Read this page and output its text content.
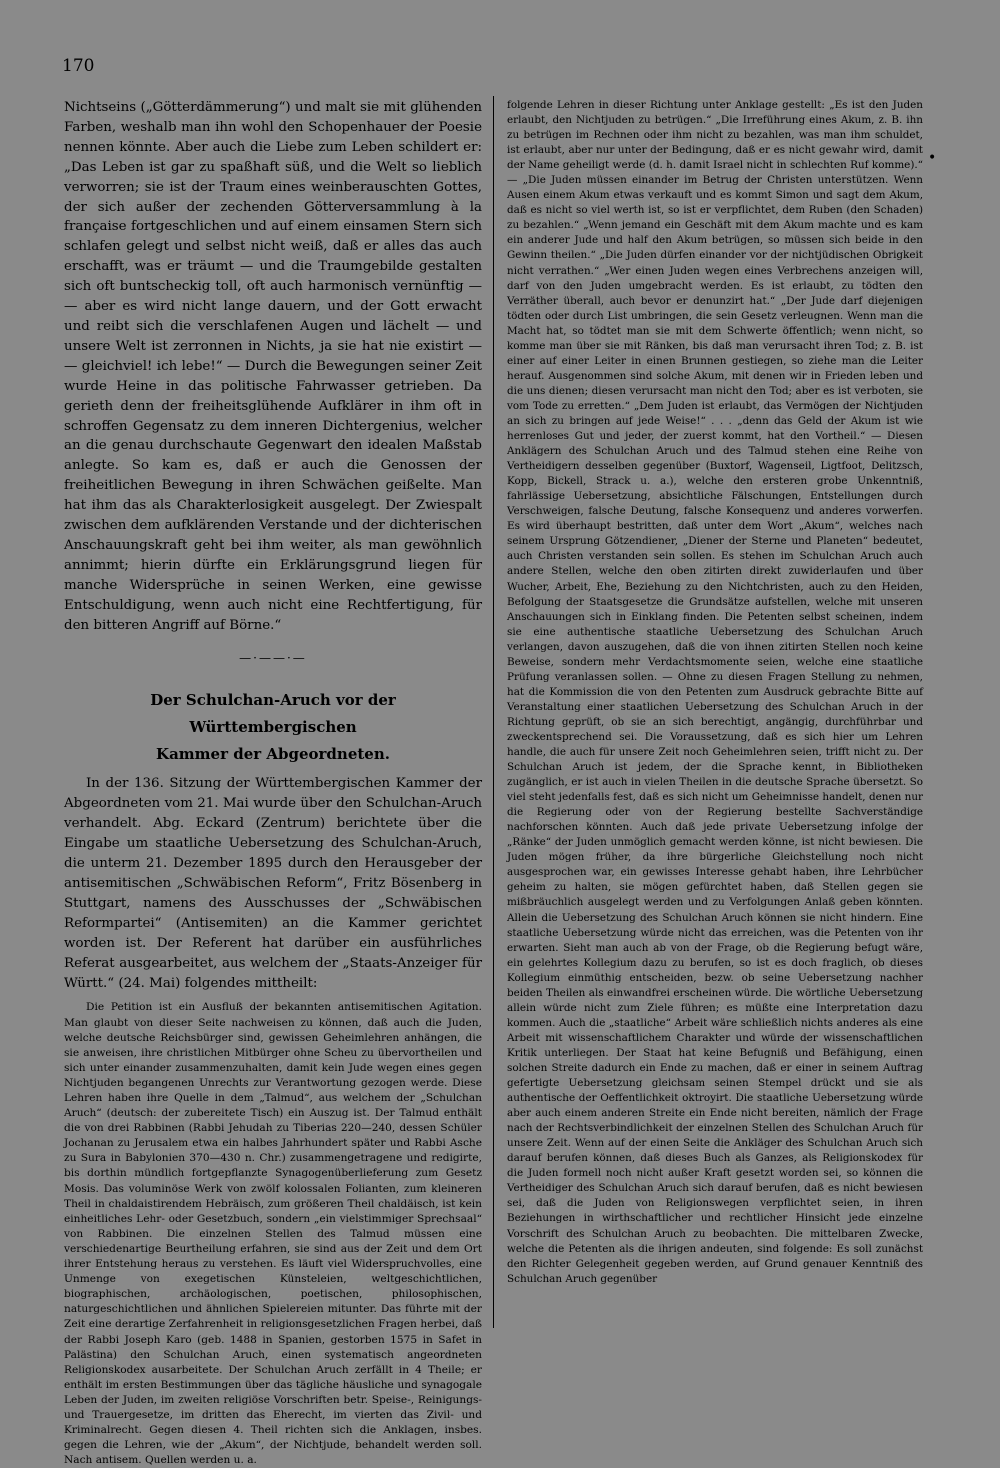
170
•

Nichtseins („Götterdämmerung“) und malt sie mit glühenden Farben, weshalb man ihn wohl den Schopenhauer der Poesie nennen könnte. Aber auch die Liebe zum Leben schildert er: „Das Leben ist gar zu spaßhaft süß, und die Welt so lieblich verworren; sie ist der Traum eines weinberauschten Gottes, der sich außer der zechenden Götterversammlung à la française fortgeschlichen und auf einem einsamen Stern sich schlafen gelegt und selbst nicht weiß, daß er alles das auch erschafft, was er träumt — und die Traumgebilde gestalten sich oft buntscheckig toll, oft auch harmonisch vernünftig — — aber es wird nicht lange dauern, und der Gott erwacht und reibt sich die verschlafenen Augen und lächelt — und unsere Welt ist zerronnen in Nichts, ja sie hat nie existirt — — gleichviel! ich lebe!“ — Durch die Bewegungen seiner Zeit wurde Heine in das politische Fahrwasser getrieben. Da gerieth denn der freiheitsglühende Aufklärer in ihm oft in schroffen Gegensatz zu dem inneren Dichtergenius, welcher an die genau durchschaute Gegenwart den idealen Maßstab anlegte. So kam es, daß er auch die Genossen der freiheitlichen Bewegung in ihren Schwächen geißelte. Man hat ihm das als Charakterlosigkeit ausgelegt. Der Zwiespalt zwischen dem aufklärenden Verstande und der dichterischen Anschauungskraft geht bei ihm weiter, als man gewöhnlich annimmt; hierin dürfte ein Erklärungsgrund liegen für manche Widersprüche in seinen Werken, eine gewisse Entschuldigung, wenn auch nicht eine Rechtfertigung, für den bitteren Angriff auf Börne.“

—·——·—
Der Schulchan-Aruch vor der Württembergischen
Kammer der Abgeordneten.

In der 136. Sitzung der Württembergischen Kammer der Abgeordneten vom 21. Mai wurde über den Schulchan-Aruch verhandelt. Abg. Eckard (Zentrum) berichtete über die Eingabe um staatliche Uebersetzung des Schulchan-Aruch, die unterm 21. Dezember 1895 durch den Herausgeber der antisemitischen „Schwäbischen Reform“, Fritz Bösenberg in Stuttgart, namens des Ausschusses der „Schwäbischen Reformpartei“ (Antisemiten) an die Kammer gerichtet worden ist. Der Referent hat darüber ein ausführliches Referat ausgearbeitet, aus welchem der „Staats-Anzeiger für Württ.“ (24. Mai) folgendes mittheilt:

Die Petition ist ein Ausfluß der bekannten antisemitischen Agitation. Man glaubt von dieser Seite nachweisen zu können, daß auch die Juden, welche deutsche Reichsbürger sind, gewissen Geheimlehren anhängen, die sie anweisen, ihre christlichen Mitbürger ohne Scheu zu übervortheilen und sich unter einander zusammenzuhalten, damit kein Jude wegen eines gegen Nichtjuden begangenen Unrechts zur Verantwortung gezogen werde. Diese Lehren haben ihre Quelle in dem „Talmud“, aus welchem der „Schulchan Aruch“ (deutsch: der zubereitete Tisch) ein Auszug ist. Der Talmud enthält die von drei Rabbinen (Rabbi Jehudah zu Tiberias 220—240, dessen Schüler Jochanan zu Jerusalem etwa ein halbes Jahrhundert später und Rabbi Asche zu Sura in Babylonien 370—430 n. Chr.) zusammengetragene und redigirte, bis dorthin mündlich fortgepflanzte Synagogenüberlieferung zum Gesetz Mosis. Das voluminöse Werk von zwölf kolossalen Folianten, zum kleineren Theil in chaldaistirendem Hebräisch, zum größeren Theil chaldäisch, ist kein einheitliches Lehr- oder Gesetzbuch, sondern „ein vielstimmiger Sprechsaal“ von Rabbinen. Die einzelnen Stellen des Talmud müssen eine verschiedenartige Beurtheilung erfahren, sie sind aus der Zeit und dem Ort ihrer Entstehung heraus zu verstehen. Es läuft viel Widerspruchvolles, eine Unmenge von exegetischen Künsteleien, weltgeschichtlichen, biographischen, archäologischen, poetischen, philosophischen, naturgeschichtlichen und ähnlichen Spielereien mitunter. Das führte mit der Zeit eine derartige Zerfahrenheit in religionsgesetzlichen Fragen herbei, daß der Rabbi Joseph Karo (geb. 1488 in Spanien, gestorben 1575 in Safet in Palästina) den Schulchan Aruch, einen systematisch angeordneten Religionskodex ausarbeitete. Der Schulchan Aruch zerfällt in 4 Theile; er enthält im ersten Bestimmungen über das tägliche häusliche und synagogale Leben der Juden, im zweiten religiöse Vorschriften betr. Speise-, Reinigungs- und Trauergesetze, im dritten das Eherecht, im vierten das Zivil- und Kriminalrecht. Gegen diesen 4. Theil richten sich die Anklagen, insbes. gegen die Lehren, wie der „Akum“, der Nichtjude, behandelt werden soll. Nach antisem. Quellen werden u. a.

folgende Lehren in dieser Richtung unter Anklage gestellt: „Es ist den Juden erlaubt, den Nichtjuden zu betrügen.“ „Die Irreführung eines Akum, z. B. ihn zu betrügen im Rechnen oder ihm nicht zu bezahlen, was man ihm schuldet, ist erlaubt, aber nur unter der Bedingung, daß er es nicht gewahr wird, damit der Name geheiligt werde (d. h. damit Israel nicht in schlechten Ruf komme).“ — „Die Juden müssen einander im Betrug der Christen unterstützen. Wenn Ausen einem Akum etwas verkauft und es kommt Simon und sagt dem Akum, daß es nicht so viel werth ist, so ist er verpflichtet, dem Ruben (den Schaden) zu bezahlen.“ „Wenn jemand ein Geschäft mit dem Akum machte und es kam ein anderer Jude und half den Akum betrügen, so müssen sich beide in den Gewinn theilen.“ „Die Juden dürfen einander vor der nichtjüdischen Obrigkeit nicht verrathen.“ „Wer einen Juden wegen eines Verbrechens anzeigen will, darf von den Juden umgebracht werden. Es ist erlaubt, zu tödten den Verräther überall, auch bevor er denunzirt hat.“ „Der Jude darf diejenigen tödten oder durch List umbringen, die sein Gesetz verleugnen. Wenn man die Macht hat, so tödtet man sie mit dem Schwerte öffentlich; wenn nicht, so komme man über sie mit Ränken, bis daß man verursacht ihren Tod; z. B. ist einer auf einer Leiter in einen Brunnen gestiegen, so ziehe man die Leiter herauf. Ausgenommen sind solche Akum, mit denen wir in Frieden leben und die uns dienen; diesen verursacht man nicht den Tod; aber es ist verboten, sie vom Tode zu erretten.“ „Dem Juden ist erlaubt, das Vermögen der Nichtjuden an sich zu bringen auf jede Weise!“ . . . „denn das Geld der Akum ist wie herrenloses Gut und jeder, der zuerst kommt, hat den Vortheil.“ — Diesen Anklägern des Schulchan Aruch und des Talmud stehen eine Reihe von Vertheidigern desselben gegenüber (Buxtorf, Wagenseil, Ligtfoot, Delitzsch, Kopp, Bickell, Strack u. a.), welche den ersteren grobe Unkenntniß, fahrlässige Uebersetzung, absichtliche Fälschungen, Entstellungen durch Verschweigen, falsche Deutung, falsche Konsequenz und anderes vorwerfen. Es wird überhaupt bestritten, daß unter dem Wort „Akum“, welches nach seinem Ursprung Götzendiener, „Diener der Sterne und Planeten“ bedeutet, auch Christen verstanden sein sollen. Es stehen im Schulchan Aruch auch andere Stellen, welche den oben zitirten direkt zuwiderlaufen und über Wucher, Arbeit, Ehe, Beziehung zu den Nichtchristen, auch zu den Heiden, Befolgung der Staatsgesetze die Grundsätze aufstellen, welche mit unseren Anschauungen sich in Einklang finden. Die Petenten selbst scheinen, indem sie eine authentische staatliche Uebersetzung des Schulchan Aruch verlangen, davon auszugehen, daß die von ihnen zitirten Stellen noch keine Beweise, sondern mehr Verdachtsmomente seien, welche eine staatliche Prüfung veranlassen sollen. — Ohne zu diesen Fragen Stellung zu nehmen, hat die Kommission die von den Petenten zum Ausdruck gebrachte Bitte auf Veranstaltung einer staatlichen Uebersetzung des Schulchan Aruch in der Richtung geprüft, ob sie an sich berechtigt, angängig, durchführbar und zweckentsprechend sei. Die Voraussetzung, daß es sich hier um Lehren handle, die auch für unsere Zeit noch Geheimlehren seien, trifft nicht zu. Der Schulchan Aruch ist jedem, der die Sprache kennt, in Bibliotheken zugänglich, er ist auch in vielen Theilen in die deutsche Sprache übersetzt. So viel steht jedenfalls fest, daß es sich nicht um Geheimnisse handelt, denen nur die Regierung oder von der Regierung bestellte Sachverständige nachforschen könnten. Auch daß jede private Uebersetzung infolge der „Ränke“ der Juden unmöglich gemacht werden könne, ist nicht bewiesen. Die Juden mögen früher, da ihre bürgerliche Gleichstellung noch nicht ausgesprochen war, ein gewisses Interesse gehabt haben, ihre Lehrbücher geheim zu halten, sie mögen gefürchtet haben, daß Stellen gegen sie mißbräuchlich ausgelegt werden und zu Verfolgungen Anlaß geben könnten. Allein die Uebersetzung des Schulchan Aruch können sie nicht hindern. Eine staatliche Uebersetzung würde nicht das erreichen, was die Petenten von ihr erwarten. Sieht man auch ab von der Frage, ob die Regierung befugt wäre, ein gelehrtes Kollegium dazu zu berufen, so ist es doch fraglich, ob dieses Kollegium einmüthig entscheiden, bezw. ob seine Uebersetzung nachher beiden Theilen als einwandfrei erscheinen würde. Die wörtliche Uebersetzung allein würde nicht zum Ziele führen; es müßte eine Interpretation dazu kommen. Auch die „staatliche“ Arbeit wäre schließlich nichts anderes als eine Arbeit mit wissenschaftlichem Charakter und würde der wissenschaftlichen Kritik unterliegen. Der Staat hat keine Befugniß und Befähigung, einen solchen Streite dadurch ein Ende zu machen, daß er einer in seinem Auftrag gefertigte Uebersetzung gleichsam seinen Stempel drückt und sie als authentische der Oeffentlichkeit oktroyirt. Die staatliche Uebersetzung würde aber auch einem anderen Streite ein Ende nicht bereiten, nämlich der Frage nach der Rechtsverbindlichkeit der einzelnen Stellen des Schulchan Aruch für unsere Zeit. Wenn auf der einen Seite die Ankläger des Schulchan Aruch sich darauf berufen können, daß dieses Buch als Ganzes, als Religionskodex für die Juden formell noch nicht außer Kraft gesetzt worden sei, so können die Vertheidiger des Schulchan Aruch sich darauf berufen, daß es nicht bewiesen sei, daß die Juden von Religionswegen verpflichtet seien, in ihren Beziehungen in wirthschaftlicher und rechtlicher Hinsicht jede einzelne Vorschrift des Schulchan Aruch zu beobachten. Die mittelbaren Zwecke, welche die Petenten als die ihrigen andeuten, sind folgende: Es soll zunächst den Richter Gelegenheit gegeben werden, auf Grund genauer Kenntniß des Schulchan Aruch gegenüber
